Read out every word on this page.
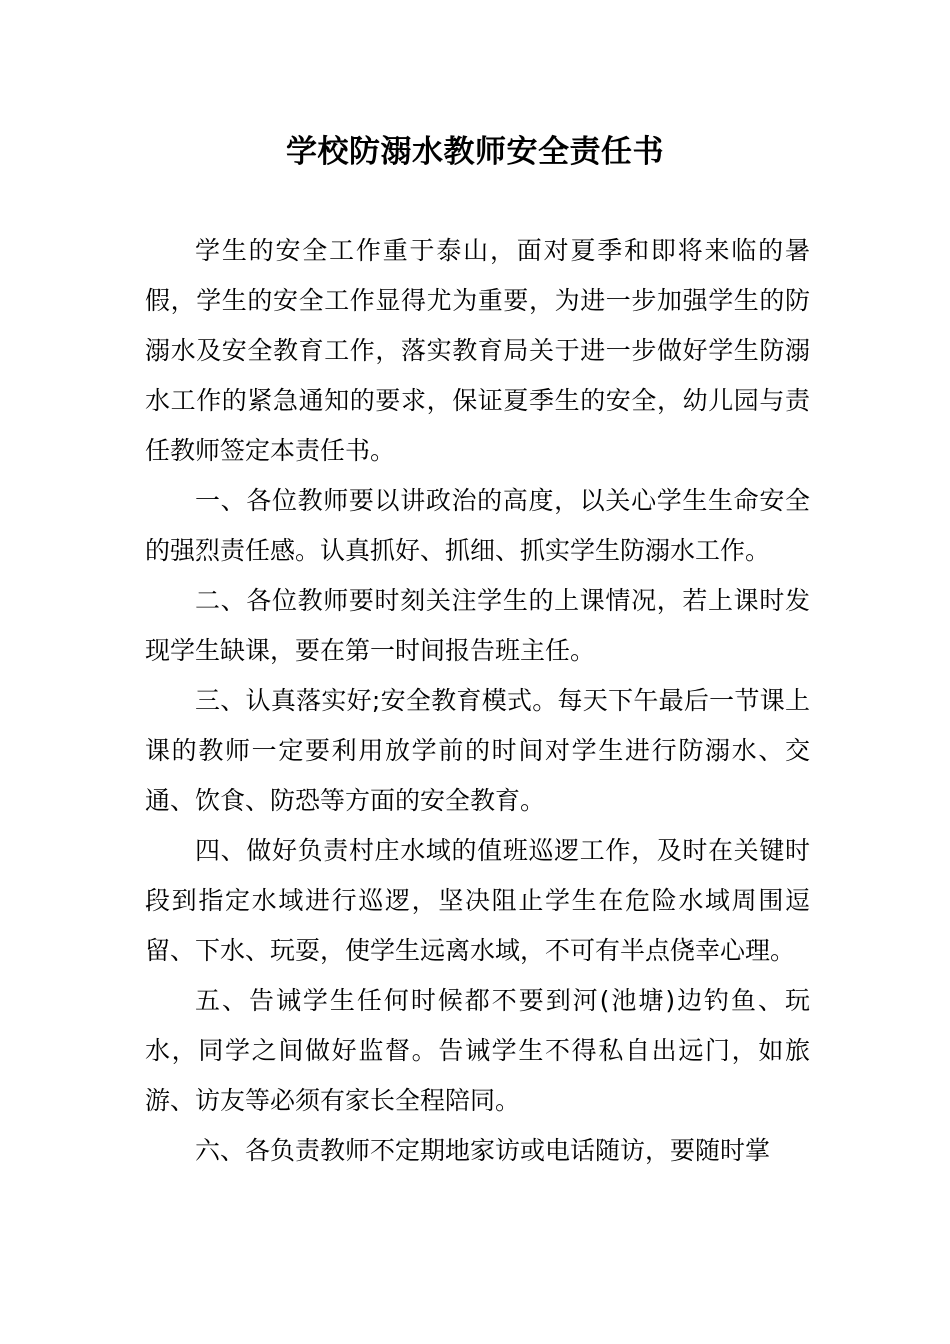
学校防溺水教师安全责任书

学生的安全工作重于泰山，面对夏季和即将来临的暑假，学生的安全工作显得尤为重要，为进一步加强学生的防溺水及安全教育工作，落实教育局关于进一步做好学生防溺水工作的紧急通知的要求，保证夏季生的安全，幼儿园与责任教师签定本责任书。

一、各位教师要以讲政治的高度，以关心学生生命安全的强烈责任感。认真抓好、抓细、抓实学生防溺水工作。

二、各位教师要时刻关注学生的上课情况，若上课时发现学生缺课，要在第一时间报告班主任。

三、认真落实好;安全教育模式。每天下午最后一节课上课的教师一定要利用放学前的时间对学生进行防溺水、交通、饮食、防恐等方面的安全教育。

四、做好负责村庄水域的值班巡逻工作，及时在关键时段到指定水域进行巡逻，坚决阻止学生在危险水域周围逗留、下水、玩耍，使学生远离水域，不可有半点侥幸心理。

五、告诫学生任何时候都不要到河(池塘)边钓鱼、玩水，同学之间做好监督。告诫学生不得私自出远门，如旅游、访友等必须有家长全程陪同。

六、各负责教师不定期地家访或电话随访，要随时掌
